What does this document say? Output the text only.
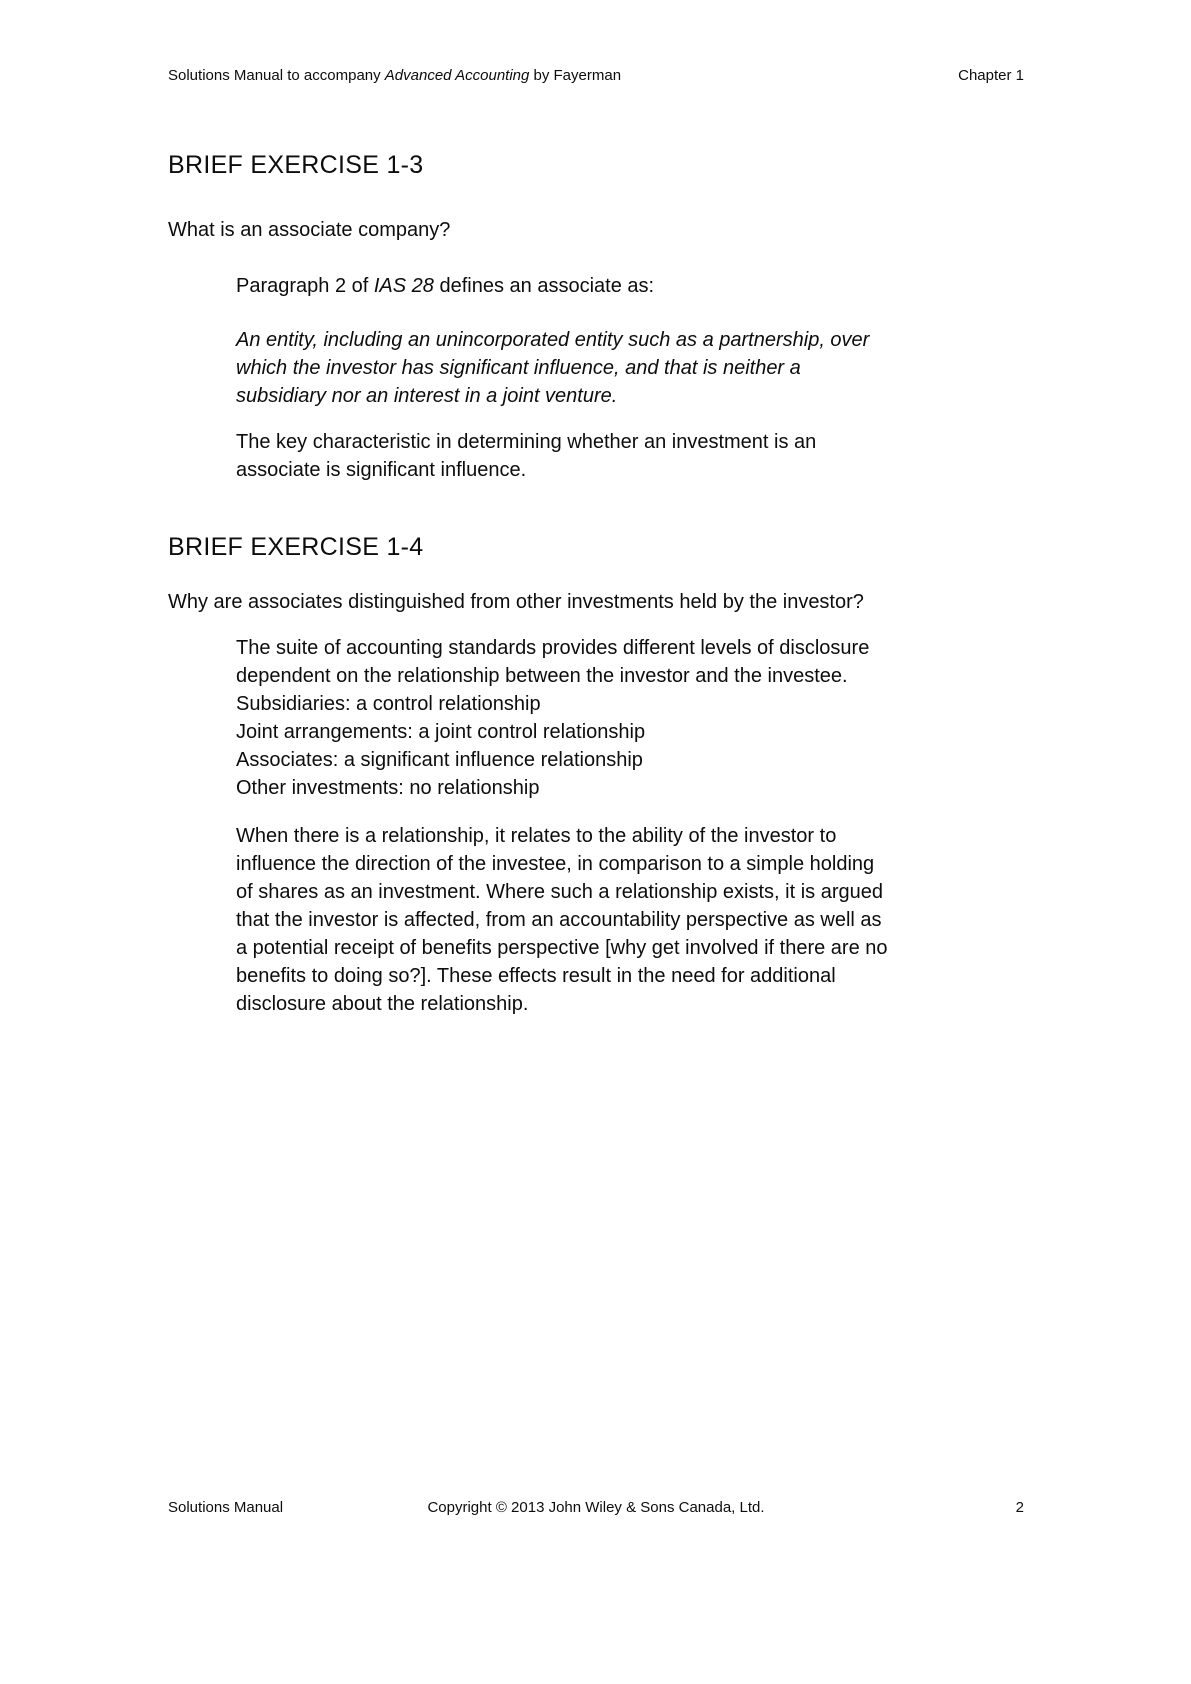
Solutions Manual to accompany Advanced Accounting by Fayerman	Chapter 1
BRIEF EXERCISE 1-3
What is an associate company?
Paragraph 2 of IAS 28 defines an associate as:
An entity, including an unincorporated entity such as a partnership, over
which the investor has significant influence, and that is neither a
subsidiary nor an interest in a joint venture.
The key characteristic in determining whether an investment is an
associate is significant influence.
BRIEF EXERCISE 1-4
Why are associates distinguished from other investments held by the investor?
The suite of accounting standards provides different levels of disclosure
dependent on the relationship between the investor and the investee.
Subsidiaries: a control relationship
Joint arrangements: a joint control relationship
Associates: a significant influence relationship
Other investments: no relationship
When there is a relationship, it relates to the ability of the investor to
influence the direction of the investee, in comparison to a simple holding
of shares as an investment. Where such a relationship exists, it is argued
that the investor is affected, from an accountability perspective as well as
a potential receipt of benefits perspective [why get involved if there are no
benefits to doing so?]. These effects result in the need for additional
disclosure about the relationship.
Solutions Manual	Copyright © 2013 John Wiley & Sons Canada, Ltd.	2
